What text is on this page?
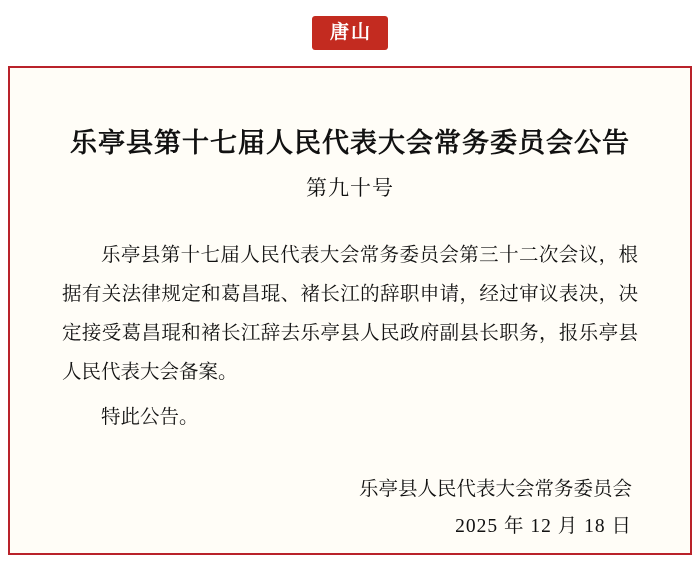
唐山
乐亭县第十七届人民代表大会常务委员会公告
第九十号

乐亭县第十七届人民代表大会常务委员会第三十二次会议，根据有关法律规定和葛昌琨、褚长江的辞职申请，经过审议表决，决定接受葛昌琨和褚长江辞去乐亭县人民政府副县长职务，报乐亭县人民代表大会备案。

特此公告。

乐亭县人民代表大会常务委员会
2025 年 12 月 18 日
